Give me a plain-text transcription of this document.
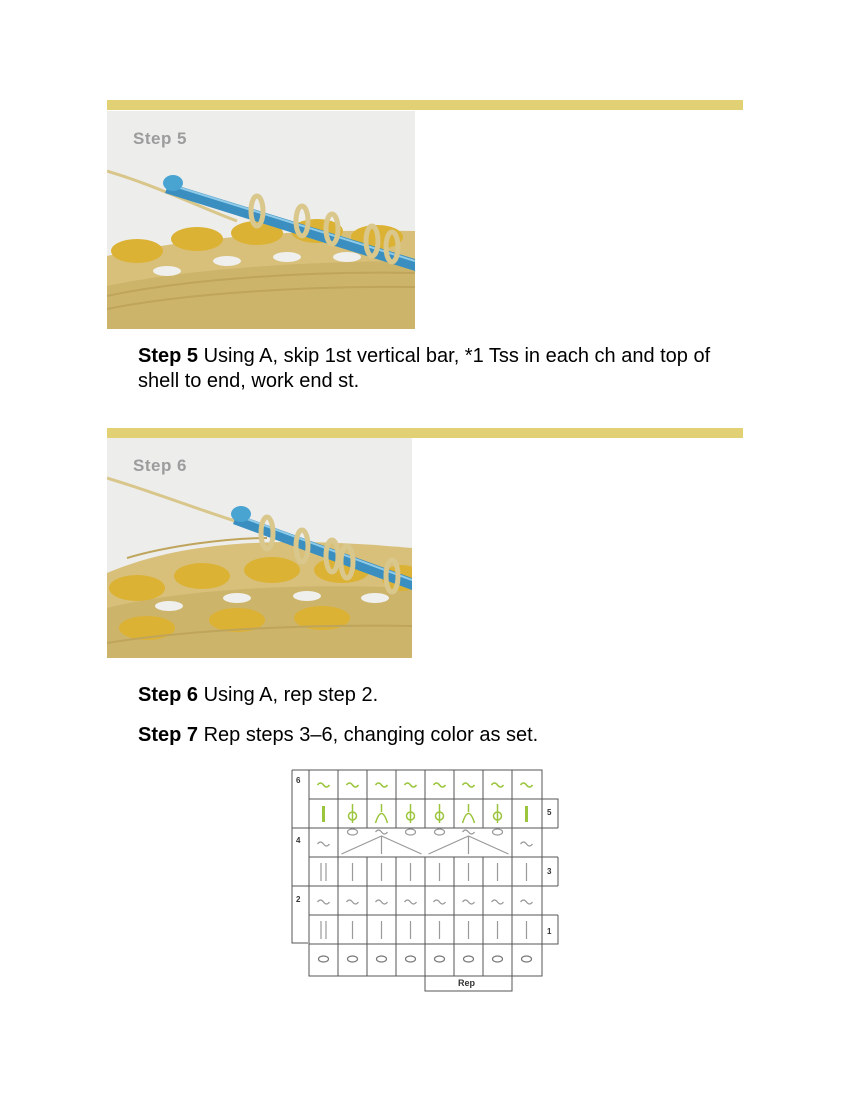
Step 5

Step 5 Using A, skip 1st vertical bar, *1 Tss in each ch and top of shell to end, work end st.

Step 6

Step 6 Using A, rep step 2.

Step 7 Rep steps 3–6, changing color as set.

6
4
2
5
3
1
Rep
